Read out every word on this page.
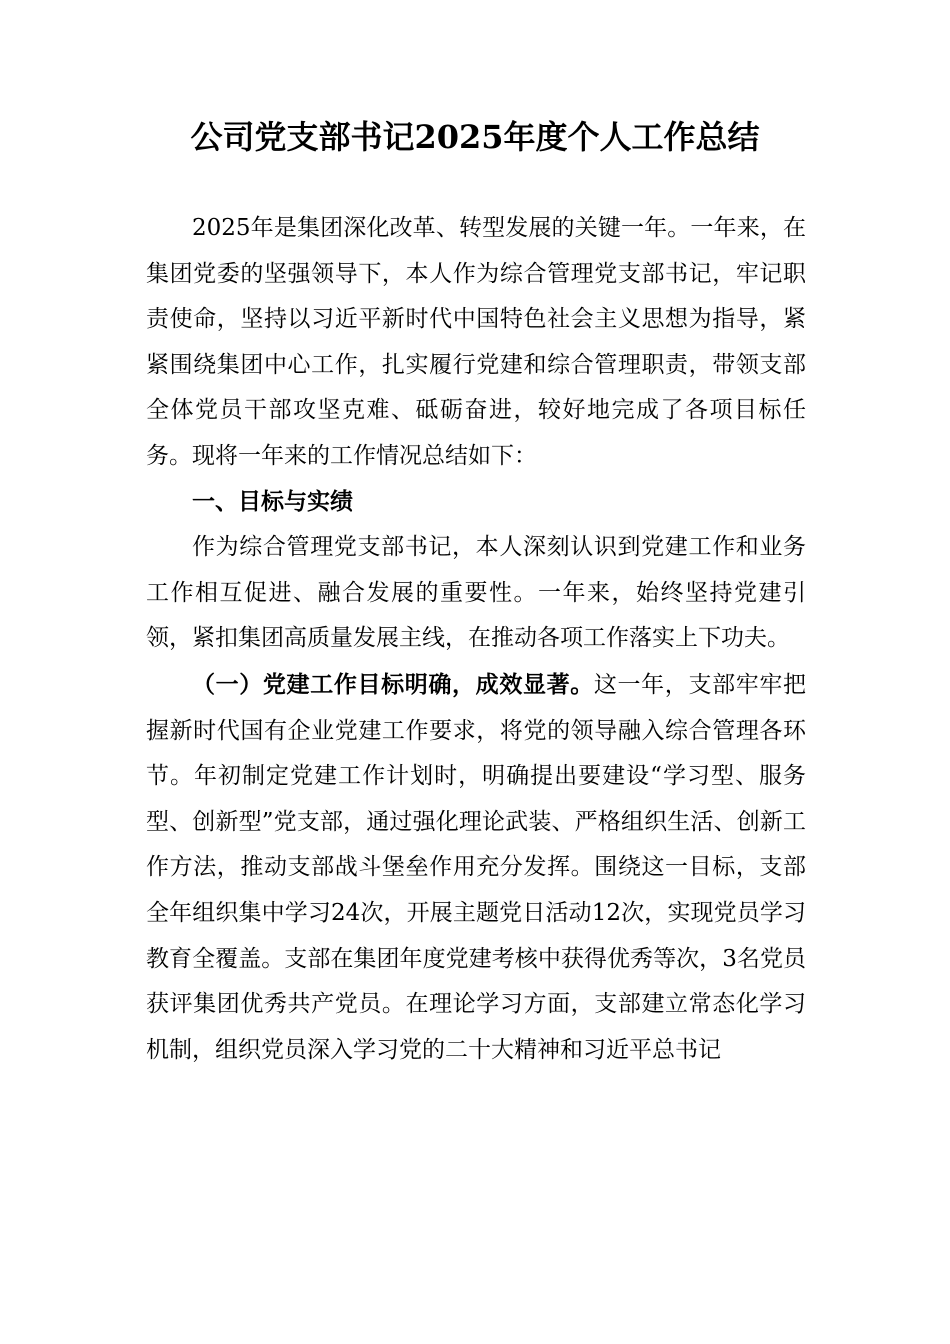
公司党支部书记2025年度个人工作总结

2025年是集团深化改革、转型发展的关键一年。一年来，在集团党委的坚强领导下，本人作为综合管理党支部书记，牢记职责使命，坚持以习近平新时代中国特色社会主义思想为指导，紧紧围绕集团中心工作，扎实履行党建和综合管理职责，带领支部全体党员干部攻坚克难、砥砺奋进，较好地完成了各项目标任务。现将一年来的工作情况总结如下：

一、目标与实绩

作为综合管理党支部书记，本人深刻认识到党建工作和业务工作相互促进、融合发展的重要性。一年来，始终坚持党建引领，紧扣集团高质量发展主线，在推动各项工作落实上下功夫。

（一）党建工作目标明确，成效显著。这一年，支部牢牢把握新时代国有企业党建工作要求，将党的领导融入综合管理各环节。年初制定党建工作计划时，明确提出要建设“学习型、服务型、创新型”党支部，通过强化理论武装、严格组织生活、创新工作方法，推动支部战斗堡垒作用充分发挥。围绕这一目标，支部全年组织集中学习24次，开展主题党日活动12次，实现党员学习教育全覆盖。支部在集团年度党建考核中获得优秀等次，3名党员获评集团优秀共产党员。在理论学习方面，支部建立常态化学习机制，组织党员深入学习党的二十大精神和习近平总书记
